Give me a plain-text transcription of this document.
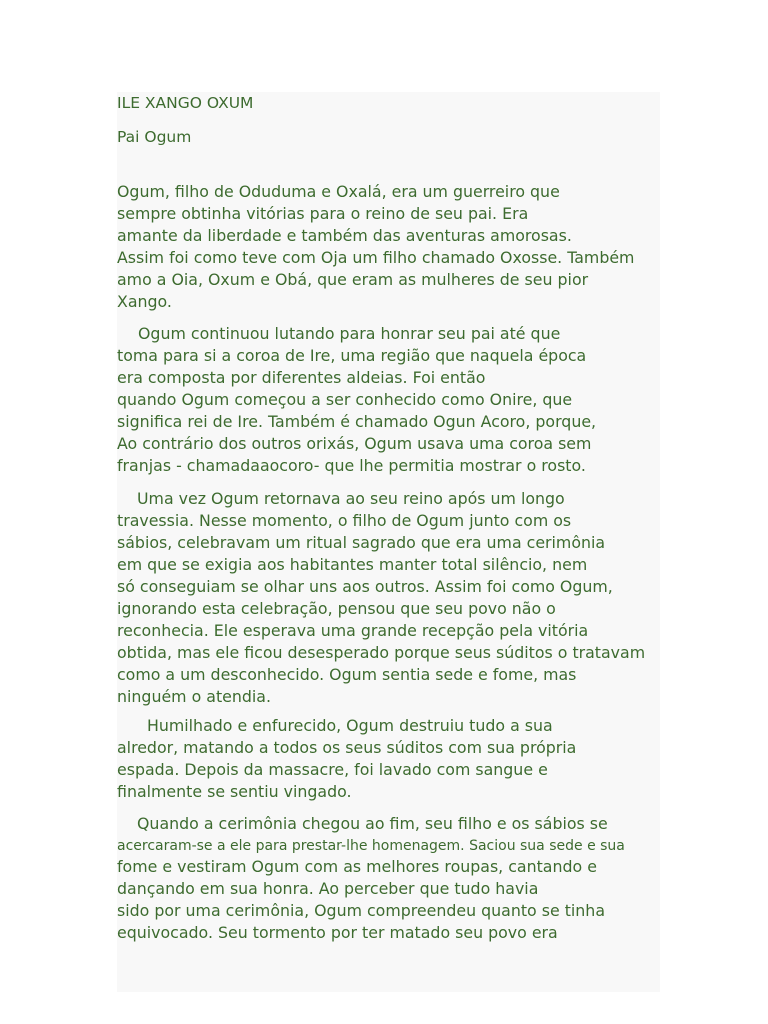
ILE XANGO OXUM
Pai Ogum
Ogum, filho de Oduduma e Oxalá, era um guerreiro que
sempre obtinha vitórias para o reino de seu pai. Era
amante da liberdade e também das aventuras amorosas.
Assim foi como teve com Oja um filho chamado Oxosse. Também
amo a Oia, Oxum e Obá, que eram as mulheres de seu pior
Xango.
Ogum continuou lutando para honrar seu pai até que
toma para si a coroa de Ire, uma região que naquela época
era composta por diferentes aldeias. Foi então
quando Ogum começou a ser conhecido como Onire, que
significa rei de Ire. Também é chamado Ogun Acoro, porque,
Ao contrário dos outros orixás, Ogum usava uma coroa sem
franjas - chamadaaocoro- que lhe permitia mostrar o rosto.
Uma vez Ogum retornava ao seu reino após um longo
travessia. Nesse momento, o filho de Ogum junto com os
sábios, celebravam um ritual sagrado que era uma cerimônia
em que se exigia aos habitantes manter total silêncio, nem
só conseguiam se olhar uns aos outros. Assim foi como Ogum,
ignorando esta celebração, pensou que seu povo não o
reconhecia. Ele esperava uma grande recepção pela vitória
obtida, mas ele ficou desesperado porque seus súditos o tratavam
como a um desconhecido. Ogum sentia sede e fome, mas
ninguém o atendia.
Humilhado e enfurecido, Ogum destruiu tudo a sua
alredor, matando a todos os seus súditos com sua própria
espada. Depois da massacre, foi lavado com sangue e
finalmente se sentiu vingado.
Quando a cerimônia chegou ao fim, seu filho e os sábios se
acercaram-se a ele para prestar-lhe homenagem. Saciou sua sede e sua
fome e vestiram Ogum com as melhores roupas, cantando e
dançando em sua honra. Ao perceber que tudo havia
sido por uma cerimônia, Ogum compreendeu quanto se tinha
equivocado. Seu tormento por ter matado seu povo era
